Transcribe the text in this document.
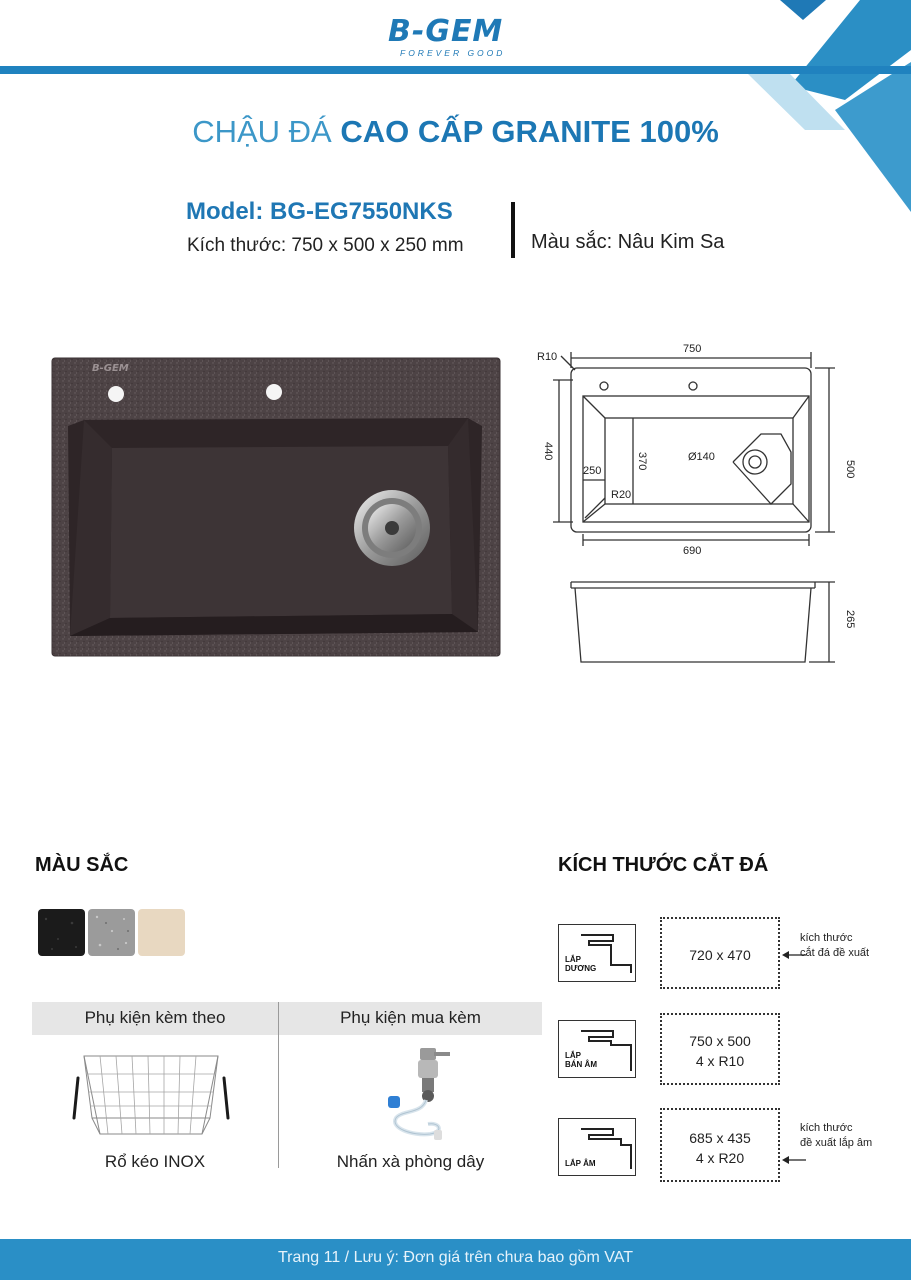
B-GEM
FOREVER GOOD
CHẬU ĐÁ CAO CẤP GRANITE 100%
Model: BG-EG7550NKS
Kích thước: 750 x 500 x 250 mm	Màu sắc: Nâu Kim Sa
B-GEM
R10
750
500
440
370
250
Ø140
R20
690
265
MÀU SẮC
Phụ kiện kèm theo	Phụ kiện mua kèm
Rổ kéo INOX	Nhấn xà phòng dây
KÍCH THƯỚC CẮT ĐÁ
LẮP
DƯƠNG
720 x 470
kích thước
cắt đá đề xuất
LẮP
BÁN ÂM
750 x 500
4 x R10
LẮP ÂM
685 x 435
4 x R20
kích thước
đề xuất lắp âm
Trang 11 / Lưu ý: Đơn giá trên chưa bao gồm VAT
